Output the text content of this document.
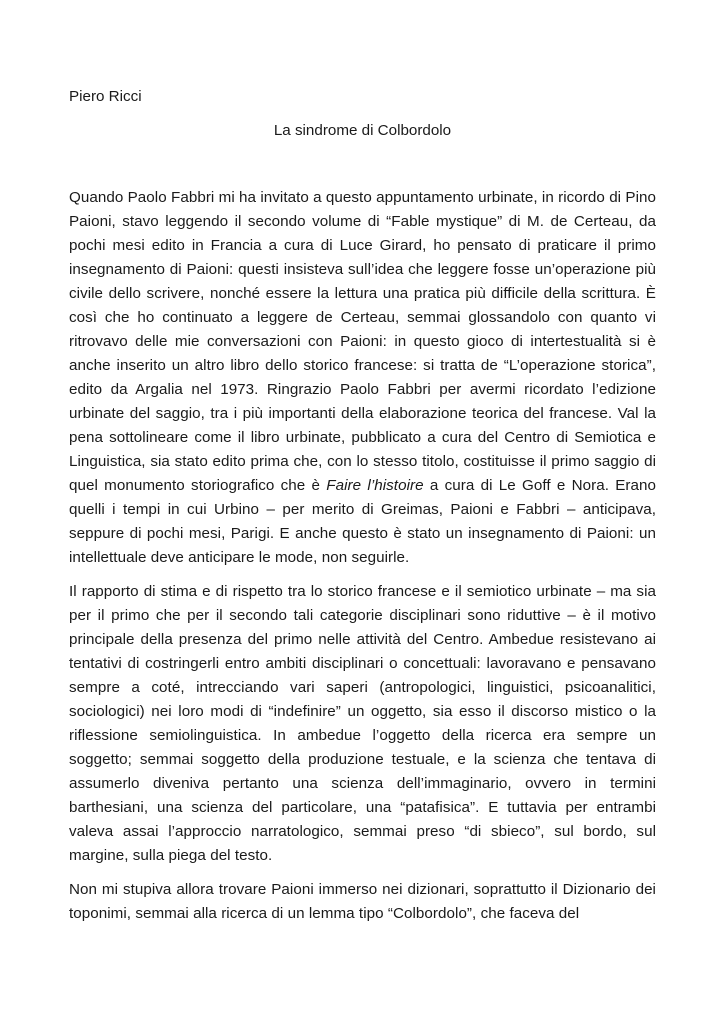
Piero Ricci

La sindrome di Colbordolo

Quando Paolo Fabbri mi ha invitato a questo appuntamento urbinate, in ricordo di Pino Paioni, stavo leggendo il secondo volume di “Fable mystique” di M. de Certeau, da pochi mesi edito in Francia a cura di Luce Girard, ho pensato di praticare il primo insegnamento di Paioni: questi insisteva sull’idea che leggere fosse un’operazione più civile dello scrivere, nonché essere la lettura una pratica più difficile della scrittura. È così che ho continuato a leggere de Certeau, semmai glossandolo con quanto vi ritrovavo delle mie conversazioni con Paioni: in questo gioco di intertestualità si è anche inserito un altro libro dello storico francese: si tratta de “L’operazione storica”, edito da Argalia nel 1973. Ringrazio Paolo Fabbri per avermi ricordato l’edizione urbinate del saggio, tra i più importanti della elaborazione teorica del francese. Val la pena sottolineare come il libro urbinate, pubblicato a cura del Centro di Semiotica e Linguistica, sia stato edito prima che, con lo stesso titolo, costituisse il primo saggio di quel monumento storiografico che è Faire l’histoire a cura di Le Goff e Nora. Erano quelli i tempi in cui Urbino – per merito di Greimas, Paioni e Fabbri – anticipava, seppure di pochi mesi, Parigi. E anche questo è stato un insegnamento di Paioni: un intellettuale deve anticipare le mode, non seguirle.

Il rapporto di stima e di rispetto tra lo storico francese e il semiotico urbinate – ma sia per il primo che per il secondo tali categorie disciplinari sono riduttive – è il motivo principale della presenza del primo nelle attività del Centro. Ambedue resistevano ai tentativi di costringerli entro ambiti disciplinari o concettuali: lavoravano e pensavano sempre a coté, intrecciando vari saperi (antropologici, linguistici, psicoanalitici, sociologici) nei loro modi di “indefinire” un oggetto, sia esso il discorso mistico o la riflessione semiolinguistica. In ambedue l’oggetto della ricerca era sempre un soggetto; semmai soggetto della produzione testuale, e la scienza che tentava di assumerlo diveniva pertanto una scienza dell’immaginario, ovvero in termini barthesiani, una scienza del particolare, una “patafisica”. E tuttavia per entrambi valeva assai l’approccio narratologico, semmai preso “di sbieco”, sul bordo, sul margine, sulla piega del testo.

Non mi stupiva allora trovare Paioni immerso nei dizionari, soprattutto il Dizionario dei toponimi, semmai alla ricerca di un lemma tipo “Colbordolo”, che faceva del
